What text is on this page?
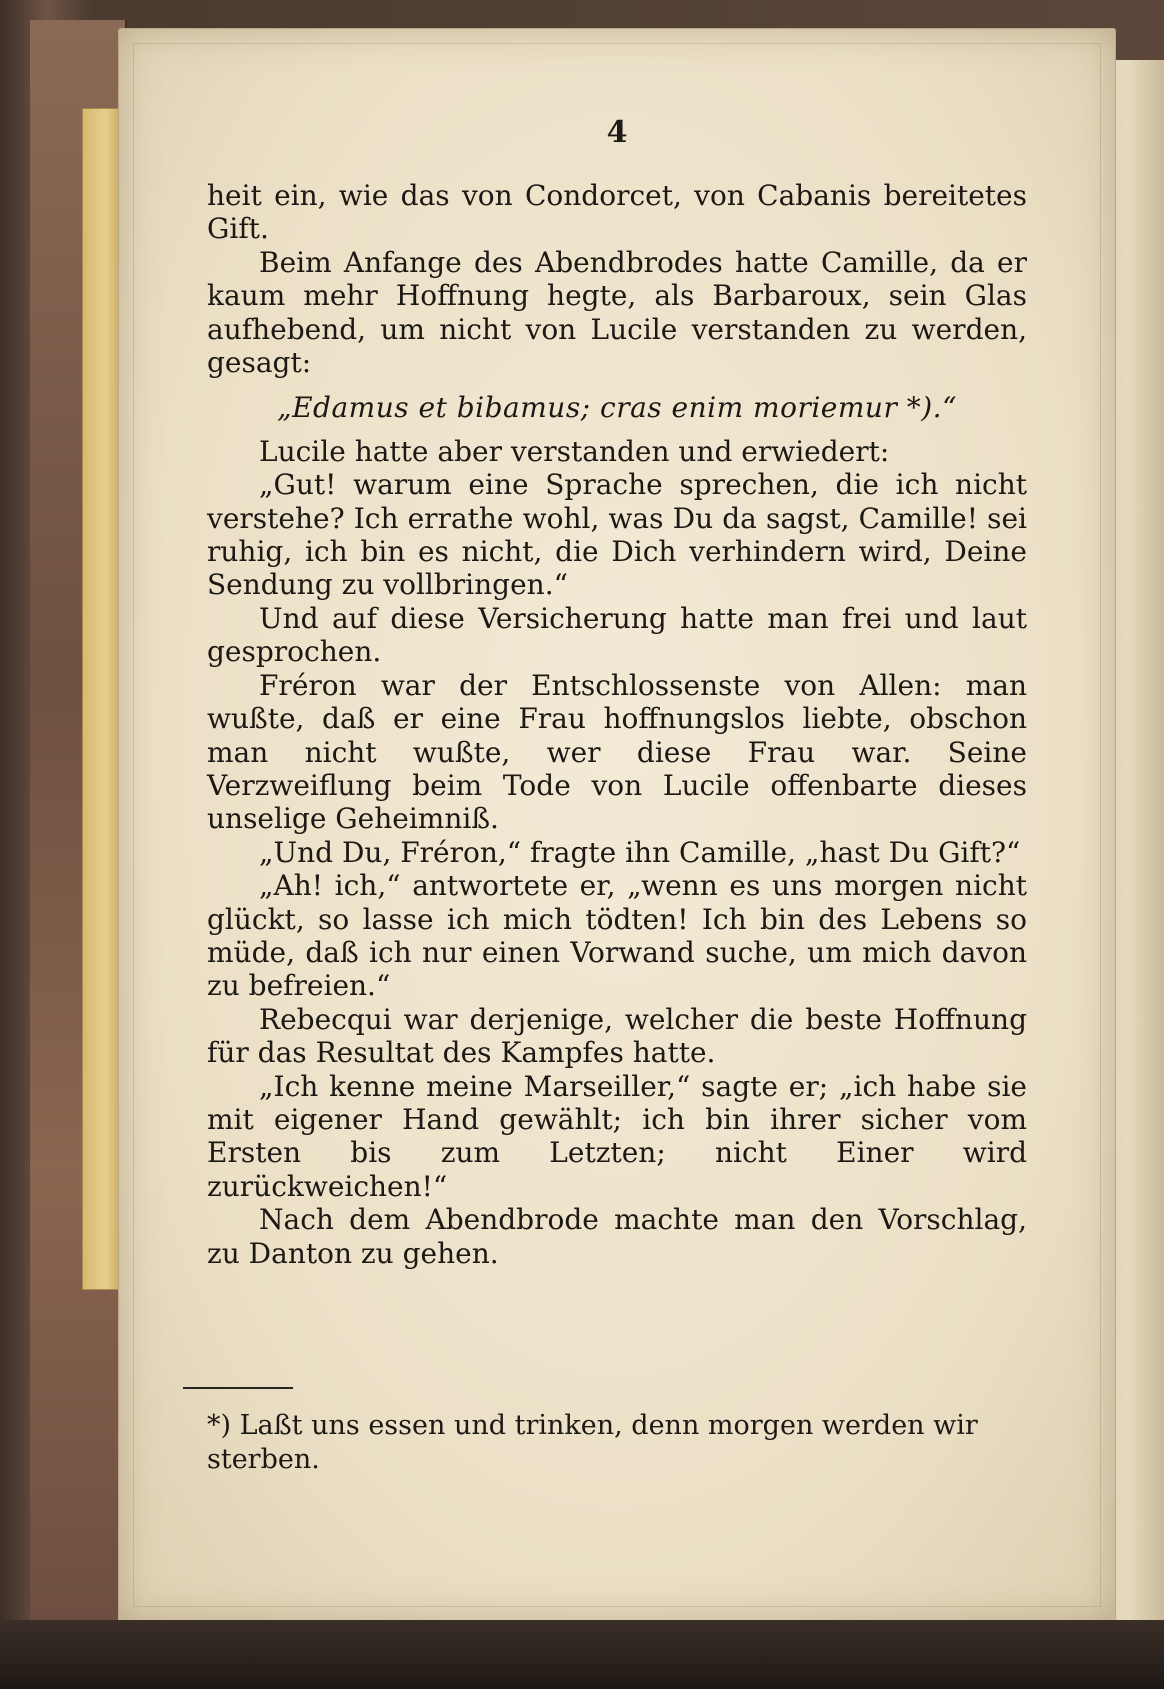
4

heit ein, wie das von Condorcet, von Cabanis bereitetes Gift.

Beim Anfange des Abendbrodes hatte Camille, da er kaum mehr Hoffnung hegte, als Barbaroux, sein Glas aufhebend, um nicht von Lucile verstanden zu werden, gesagt:

„Edamus et bibamus; cras enim moriemur *).“

Lucile hatte aber verstanden und erwiedert:

„Gut! warum eine Sprache sprechen, die ich nicht verstehe? Ich errathe wohl, was Du da sagst, Camille! sei ruhig, ich bin es nicht, die Dich verhindern wird, Deine Sendung zu vollbringen.“

Und auf diese Versicherung hatte man frei und laut gesprochen.

Fréron war der Entschlossenste von Allen: man wußte, daß er eine Frau hoffnungslos liebte, obschon man nicht wußte, wer diese Frau war. Seine Verzweiflung beim Tode von Lucile offenbarte dieses unselige Geheimniß.

„Und Du, Fréron,“ fragte ihn Camille, „hast Du Gift?“

„Ah! ich,“ antwortete er, „wenn es uns morgen nicht glückt, so lasse ich mich tödten! Ich bin des Lebens so müde, daß ich nur einen Vorwand suche, um mich davon zu befreien.“

Rebecqui war derjenige, welcher die beste Hoffnung für das Resultat des Kampfes hatte.

„Ich kenne meine Marseiller,“ sagte er; „ich habe sie mit eigener Hand gewählt; ich bin ihrer sicher vom Ersten bis zum Letzten; nicht Einer wird zurückweichen!“

Nach dem Abendbrode machte man den Vorschlag, zu Danton zu gehen.

*) Laßt uns essen und trinken, denn morgen werden wir sterben.
